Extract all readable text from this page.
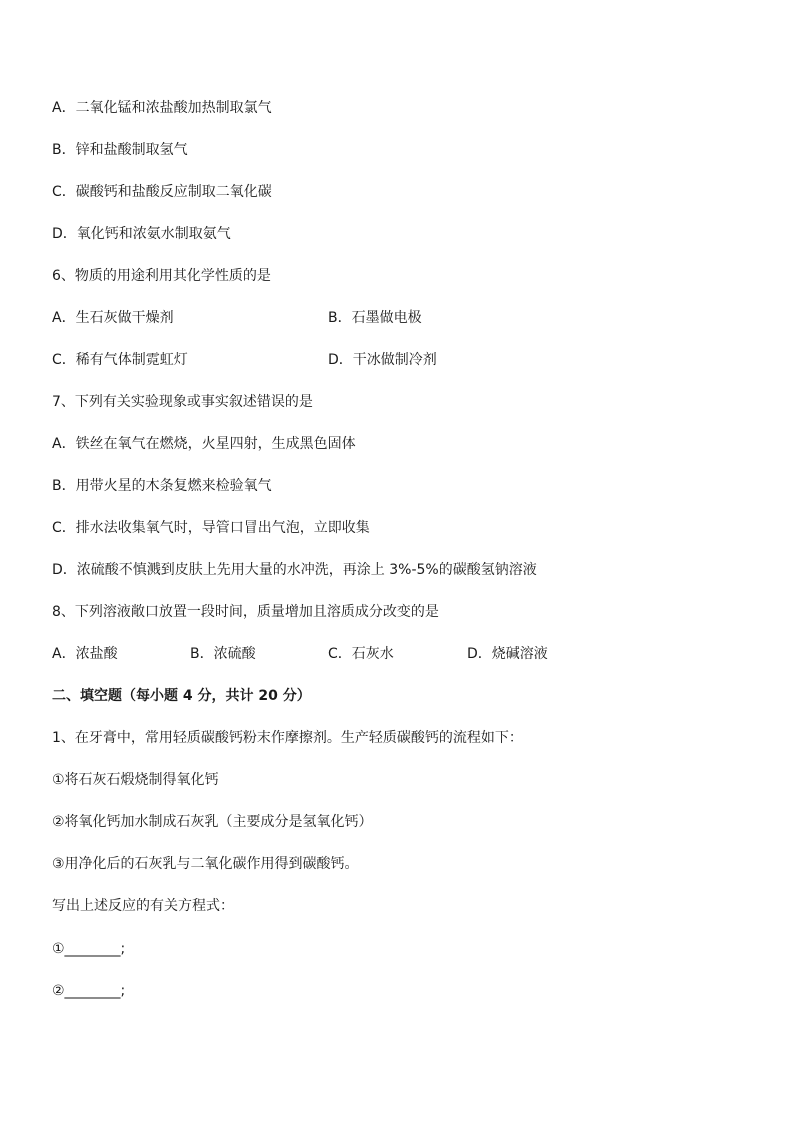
A．二氧化锰和浓盐酸加热制取氯气
B．锌和盐酸制取氢气
C．碳酸钙和盐酸反应制取二氧化碳
D．氧化钙和浓氨水制取氨气
6、物质的用途利用其化学性质的是
A．生石灰做干燥剂	B．石墨做电极
C．稀有气体制霓虹灯	D．干冰做制冷剂
7、下列有关实验现象或事实叙述错误的是
A．铁丝在氧气在燃烧，火星四射，生成黑色固体
B．用带火星的木条复燃来检验氧气
C．排水法收集氧气时，导管口冒出气泡，立即收集
D．浓硫酸不慎溅到皮肤上先用大量的水冲洗，再涂上 3%-5%的碳酸氢钠溶液
8、下列溶液敞口放置一段时间，质量增加且溶质成分改变的是
A．浓盐酸	B．浓硫酸	C．石灰水	D．烧碱溶液
二、填空题（每小题 4 分，共计 20 分）
1、在牙膏中，常用轻质碳酸钙粉末作摩擦剂。生产轻质碳酸钙的流程如下：
①将石灰石煅烧制得氧化钙
②将氧化钙加水制成石灰乳（主要成分是氢氧化钙）
③用净化后的石灰乳与二氧化碳作用得到碳酸钙。
写出上述反应的有关方程式：
①________;
②________;
